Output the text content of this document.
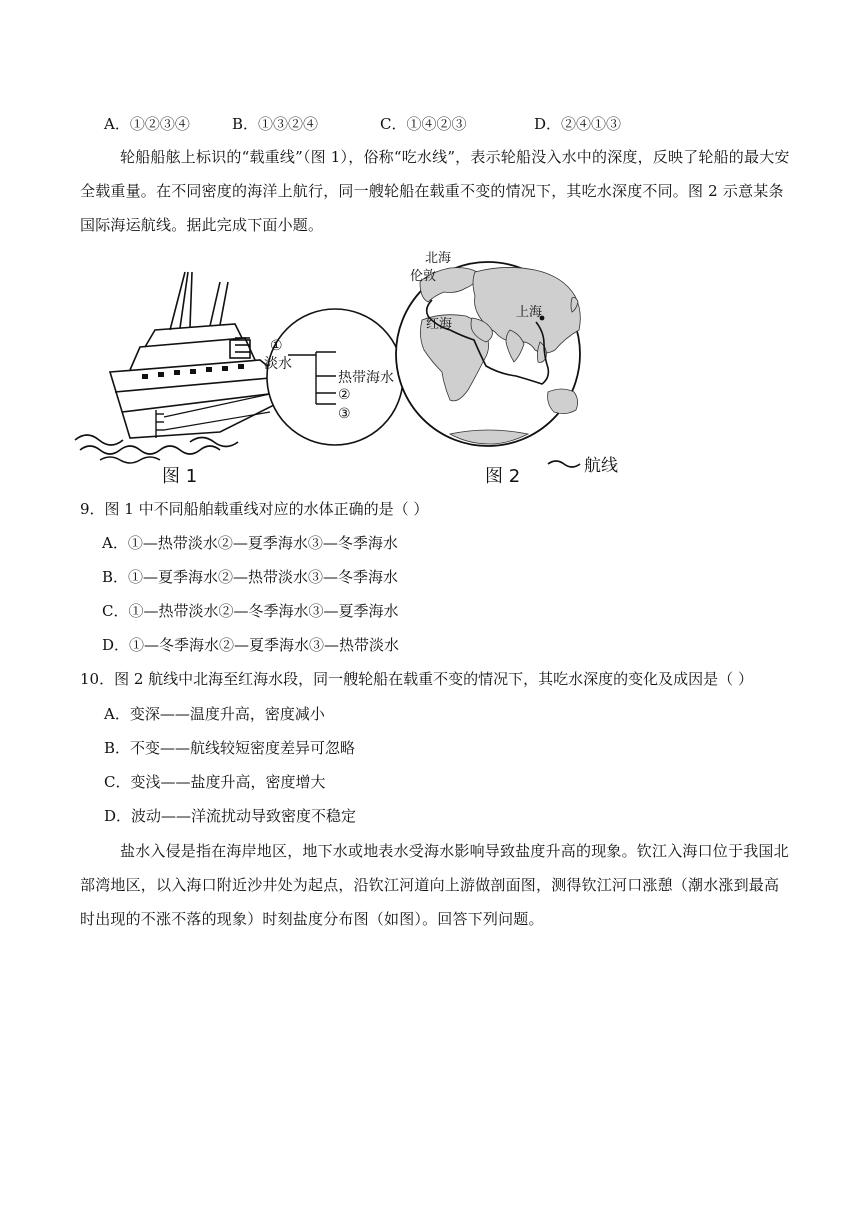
A．①②③④	B．①③②④	C．①④②③	D．②④①③
轮船船舷上标识的“载重线”（图 1），俗称“吃水线”，表示轮船没入水中的深度，反映了轮船的最大安
全载重量。在不同密度的海洋上航行，同一艘轮船在载重不变的情况下，其吃水深度不同。图 2 示意某条
国际海运航线。据此完成下面小题。
①
淡水
热带海水
②
③
图 1
北海
伦敦
红海
上海
图 2	航线
9．图 1 中不同船舶载重线对应的水体正确的是（ ）
A．①—热带淡水②—夏季海水③—冬季海水
B．①—夏季海水②—热带淡水③—冬季海水
C．①—热带淡水②—冬季海水③—夏季海水
D．①—冬季海水②—夏季海水③—热带淡水
10．图 2 航线中北海至红海水段，同一艘轮船在载重不变的情况下，其吃水深度的变化及成因是（ ）
A．变深——温度升高，密度减小
B．不变——航线较短密度差异可忽略
C．变浅——盐度升高，密度增大
D．波动——洋流扰动导致密度不稳定
盐水入侵是指在海岸地区，地下水或地表水受海水影响导致盐度升高的现象。钦江入海口位于我国北
部湾地区，以入海口附近沙井处为起点，沿钦江河道向上游做剖面图，测得钦江河口涨憩（潮水涨到最高
时出现的不涨不落的现象）时刻盐度分布图（如图）。回答下列问题。
